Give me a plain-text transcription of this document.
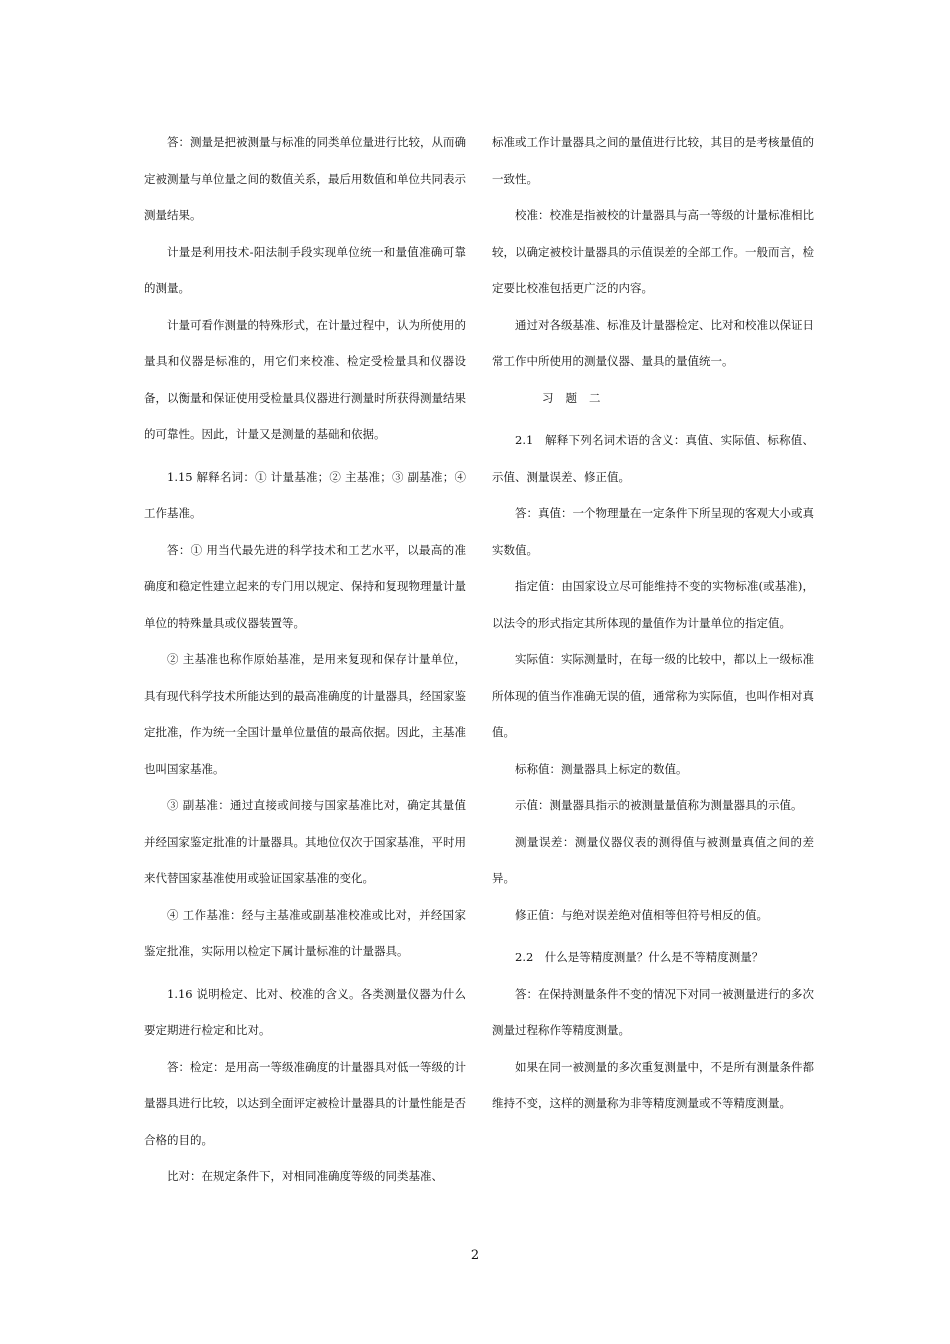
答：测量是把被测量与标准的同类单位量进行比较，从而确定被测量与单位量之间的数值关系，最后用数值和单位共同表示测量结果。

计量是利用技术-阳法制手段实现单位统一和量值准确可靠的测量。

计量可看作测量的特殊形式，在计量过程中，认为所使用的量具和仪器是标准的，用它们来校准、检定受检量具和仪器设备，以衡量和保证使用受检量具仪器进行测量时所获得测量结果的可靠性。因此，计量又是测量的基础和依据。

1.15 解释名词：① 计量基准；② 主基准；③ 副基准；④ 工作基准。

答：① 用当代最先进的科学技术和工艺水平，以最高的准确度和稳定性建立起来的专门用以规定、保持和复现物理量计量单位的特殊量具或仪器装置等。

② 主基准也称作原始基准，是用来复现和保存计量单位，具有现代科学技术所能达到的最高准确度的计量器具，经国家鉴定批准，作为统一全国计量单位量值的最高依据。因此，主基准也叫国家基准。

③ 副基准：通过直接或间接与国家基准比对，确定其量值并经国家鉴定批准的计量器具。其地位仅次于国家基准，平时用来代替国家基准使用或验证国家基准的变化。

④ 工作基准：经与主基准或副基准校准或比对，并经国家鉴定批准，实际用以检定下属计量标准的计量器具。

1.16 说明检定、比对、校准的含义。各类测量仪器为什么要定期进行检定和比对。

答：检定：是用高一等级准确度的计量器具对低一等级的计量器具进行比较，以达到全面评定被检计量器具的计量性能是否合格的目的。

比对：在规定条件下，对相同准确度等级的同类基准、

标准或工作计量器具之间的量值进行比较，其目的是考核量值的一致性。

校准：校准是指被校的计量器具与高一等级的计量标准相比较，以确定被校计量器具的示值误差的全部工作。一般而言，检定要比校准包括更广泛的内容。

通过对各级基准、标准及计量器检定、比对和校准以保证日常工作中所使用的测量仪器、量具的量值统一。

习题二

2.1　解释下列名词术语的含义：真值、实际值、标称值、示值、测量误差、修正值。

答：真值：一个物理量在一定条件下所呈现的客观大小或真实数值。

指定值：由国家设立尽可能维持不变的实物标准(或基准)，以法令的形式指定其所体现的量值作为计量单位的指定值。

实际值：实际测量时，在每一级的比较中，都以上一级标准所体现的值当作准确无误的值，通常称为实际值，也叫作相对真值。

标称值：测量器具上标定的数值。

示值：测量器具指示的被测量量值称为测量器具的示值。

测量误差：测量仪器仪表的测得值与被测量真值之间的差异。

修正值：与绝对误差绝对值相等但符号相反的值。

2.2　什么是等精度测量？什么是不等精度测量？

答：在保持测量条件不变的情况下对同一被测量进行的多次测量过程称作等精度测量。

如果在同一被测量的多次重复测量中，不是所有测量条件都维持不变，这样的测量称为非等精度测量或不等精度测量。

2
